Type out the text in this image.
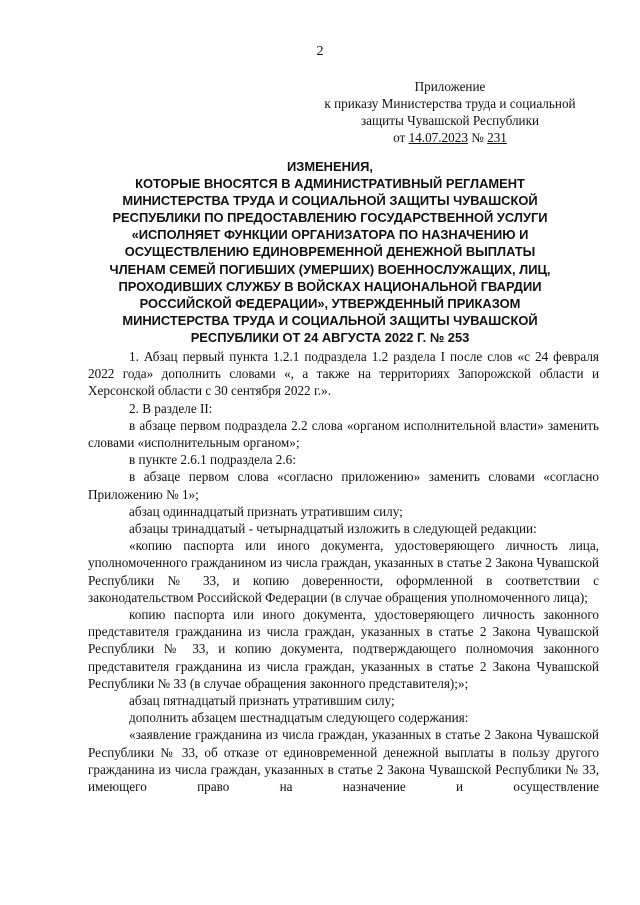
2
Приложение
к приказу Министерства труда и социальной
защиты Чувашской Республики
от 14.07.2023 № 231
ИЗМЕНЕНИЯ,
КОТОРЫЕ ВНОСЯТСЯ В АДМИНИСТРАТИВНЫЙ РЕГЛАМЕНТ
МИНИСТЕРСТВА ТРУДА И СОЦИАЛЬНОЙ ЗАЩИТЫ ЧУВАШСКОЙ
РЕСПУБЛИКИ ПО ПРЕДОСТАВЛЕНИЮ ГОСУДАРСТВЕННОЙ УСЛУГИ
«ИСПОЛНЯЕТ ФУНКЦИИ ОРГАНИЗАТОРА ПО НАЗНАЧЕНИЮ И
ОСУЩЕСТВЛЕНИЮ ЕДИНОВРЕМЕННОЙ ДЕНЕЖНОЙ ВЫПЛАТЫ
ЧЛЕНАМ СЕМЕЙ ПОГИБШИХ (УМЕРШИХ) ВОЕННОСЛУЖАЩИХ, ЛИЦ,
ПРОХОДИВШИХ СЛУЖБУ В ВОЙСКАХ НАЦИОНАЛЬНОЙ ГВАРДИИ
РОССИЙСКОЙ ФЕДЕРАЦИИ», УТВЕРЖДЕННЫЙ ПРИКАЗОМ
МИНИСТЕРСТВА ТРУДА И СОЦИАЛЬНОЙ ЗАЩИТЫ ЧУВАШСКОЙ
РЕСПУБЛИКИ ОТ 24 АВГУСТА 2022 Г. № 253

1. Абзац первый пункта 1.2.1 подраздела 1.2 раздела I после слов «с 24 февраля 2022 года» дополнить словами «, а также на территориях Запорожской области и Херсонской области с 30 сентября 2022 г.».

2. В разделе II:

в абзаце первом подраздела 2.2 слова «органом исполнительной власти» заменить словами «исполнительным органом»;

в пункте 2.6.1 подраздела 2.6:

в абзаце первом слова «согласно приложению» заменить словами «согласно Приложению № 1»;

абзац одиннадцатый признать утратившим силу;

абзацы тринадцатый - четырнадцатый изложить в следующей редакции:

«копию паспорта или иного документа, удостоверяющего личность лица, уполномоченного гражданином из числа граждан, указанных в статье 2 Закона Чувашской Республики № 33, и копию доверенности, оформленной в соответствии с законодательством Российской Федерации (в случае обращения уполномоченного лица);

копию паспорта или иного документа, удостоверяющего личность законного представителя гражданина из числа граждан, указанных в статье 2 Закона Чувашской Республики № 33, и копию документа, подтверждающего полномочия законного представителя гражданина из числа граждан, указанных в статье 2 Закона Чувашской Республики № 33 (в случае обращения законного представителя);»;

абзац пятнадцатый признать утратившим силу;

дополнить абзацем шестнадцатым следующего содержания:

«заявление гражданина из числа граждан, указанных в статье 2 Закона Чувашской Республики № 33, об отказе от единовременной денежной выплаты в пользу другого гражданина из числа граждан, указанных в статье 2 Закона Чувашской Республики № 33, имеющего право на назначение и осуществление
